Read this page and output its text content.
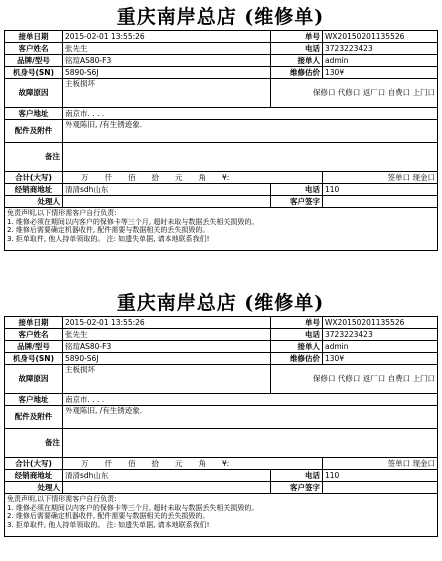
重庆南岸总店 (维修单)
接单日期	2015-02-01 13:55:26	单号	WX20150201135526
客户姓名	张先生	电话	3723223423
品牌/型号	铭瑄AS80-F3	接单人	admin
机身号(SN)	5890-S6J	维修估价	130¥
故障原因	主板损坏	保修口 代修口 返厂口 自费口 上门口	
客户地址	南京市. . . .		
配件及附件	外观陈旧, /有生锈迹象.		
备注			
合计(大写)	万 仟 佰 拾 元 角 ¥:		签单口 现金口
经销商地址	清清sdh山东	电话	110
处理人		客户签字	

免责声明,以下情形需客户自行负责:
1. 维修必须在期间以内客户的保修卡等三个月, 超时未取与数据丢失相关损毁的。
2. 维修后需要确定机器收件, 配件需要与数据相关的丢失损毁的。
3. 拒单取件, 他人持单领取的。 注: 如遗失单据, 请本地联系我们!			
重庆南岸总店 (维修单)
接单日期	2015-02-01 13:55:26	单号	WX20150201135526
客户姓名	张先生	电话	3723223423
品牌/型号	铭瑄AS80-F3	接单人	admin
机身号(SN)	5890-S6J	维修估价	130¥
故障原因	主板损坏	保修口 代修口 返厂口 自费口 上门口	
客户地址	南京市. . . .		
配件及附件	外观陈旧, /有生锈迹象.		
备注			
合计(大写)	万 仟 佰 拾 元 角 ¥:		签单口 现金口
经销商地址	清清sdh山东	电话	110
处理人		客户签字	

免责声明,以下情形需客户自行负责:
1. 维修必须在期间以内客户的保修卡等三个月, 超时未取与数据丢失相关损毁的。
2. 维修后需要确定机器收件, 配件需要与数据相关的丢失损毁的。
3. 拒单取件, 他人持单领取的。 注: 如遗失单据, 请本地联系我们!			
